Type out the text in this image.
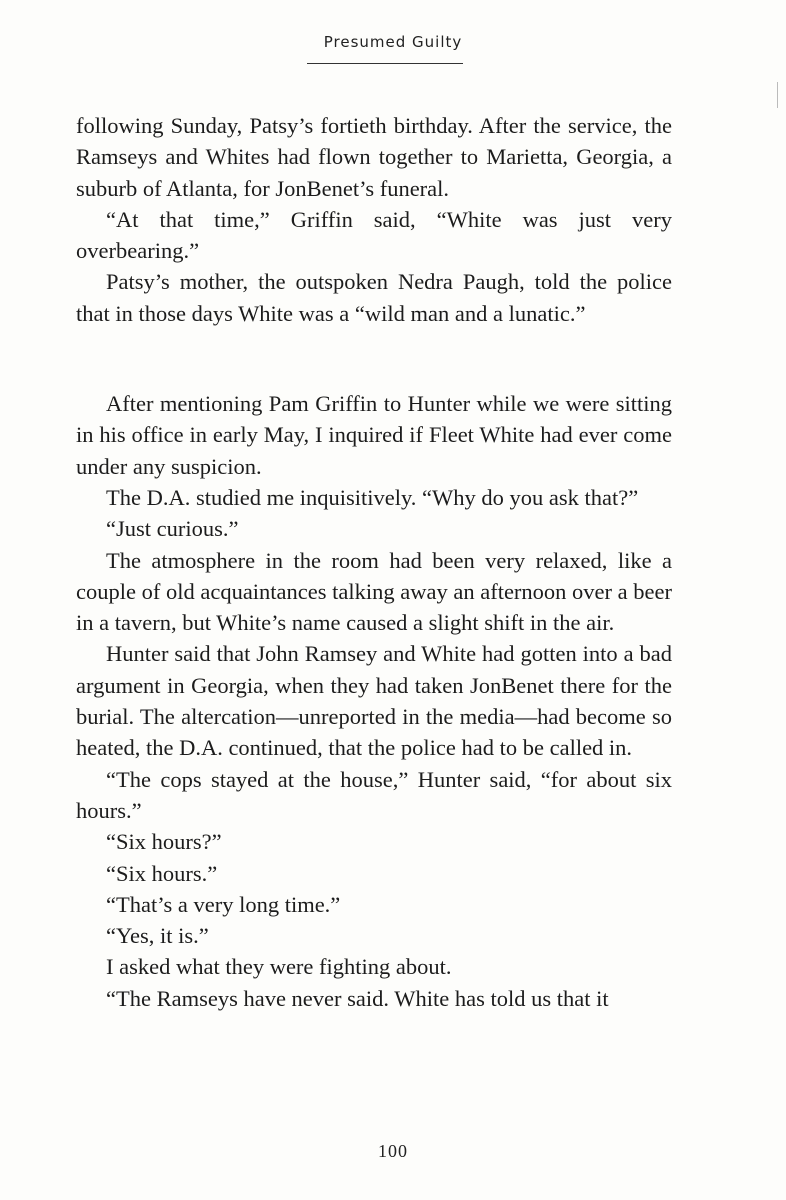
Presumed Guilty

following Sunday, Patsy’s fortieth birthday. After the service, the Ramseys and Whites had flown together to Marietta, Georgia, a suburb of Atlanta, for JonBenet’s funeral.

“At that time,” Griffin said, “White was just very overbearing.”

Patsy’s mother, the outspoken Nedra Paugh, told the police that in those days White was a “wild man and a lunatic.”

After mentioning Pam Griffin to Hunter while we were sitting in his office in early May, I inquired if Fleet White had ever come under any suspicion.

The D.A. studied me inquisitively. “Why do you ask that?”

“Just curious.”

The atmosphere in the room had been very relaxed, like a couple of old acquaintances talking away an afternoon over a beer in a tavern, but White’s name caused a slight shift in the air.

Hunter said that John Ramsey and White had gotten into a bad argument in Georgia, when they had taken JonBenet there for the burial. The altercation—unreported in the media—had become so heated, the D.A. continued, that the police had to be called in.

“The cops stayed at the house,” Hunter said, “for about six hours.”

“Six hours?”

“Six hours.”

“That’s a very long time.”

“Yes, it is.”

I asked what they were fighting about.

“The Ramseys have never said. White has told us that it

100
